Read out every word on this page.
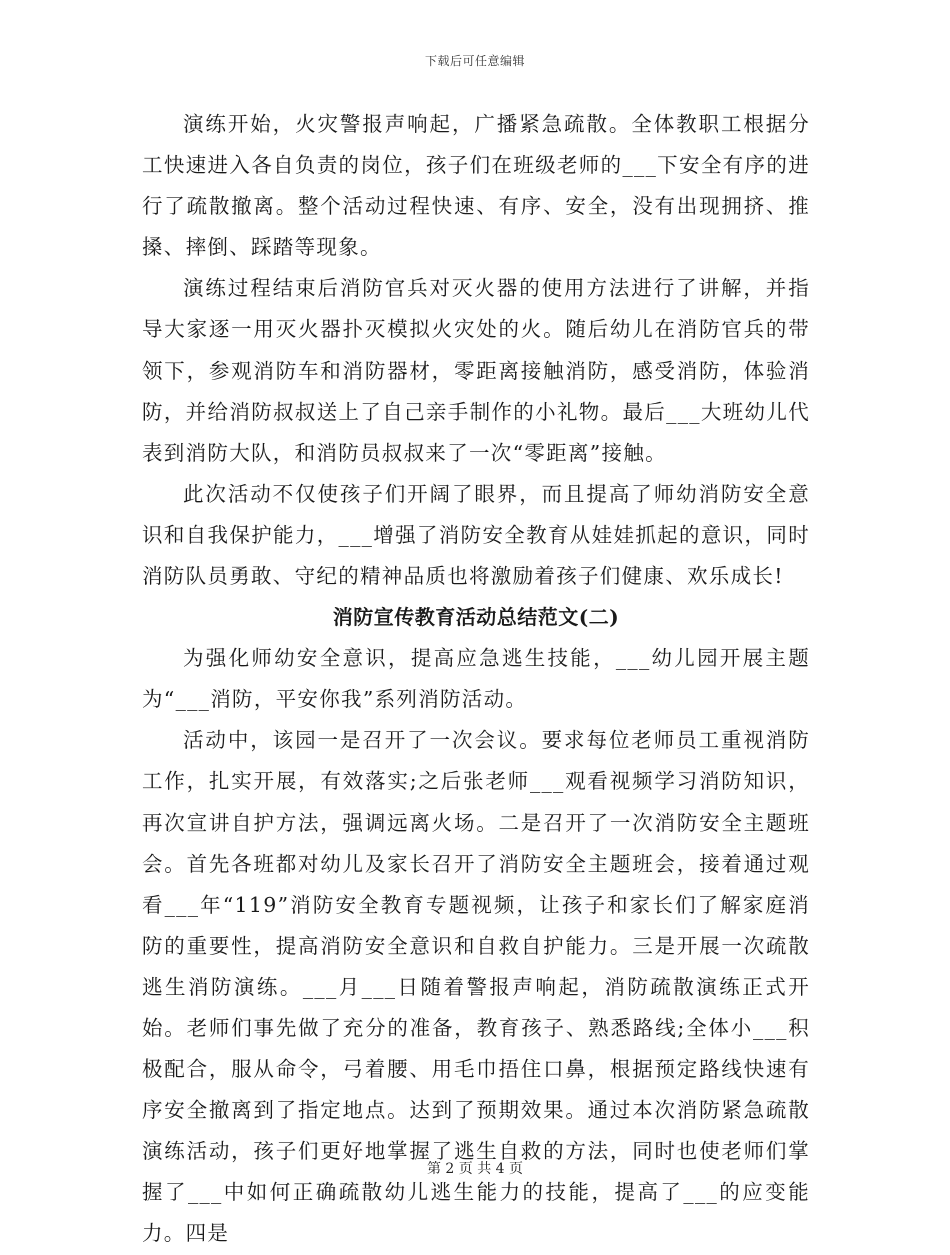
下载后可任意编辑

演练开始，火灾警报声响起，广播紧急疏散。全体教职工根据分工快速进入各自负责的岗位，孩子们在班级老师的___下安全有序的进行了疏散撤离。整个活动过程快速、有序、安全，没有出现拥挤、推搡、摔倒、踩踏等现象。

演练过程结束后消防官兵对灭火器的使用方法进行了讲解，并指导大家逐一用灭火器扑灭模拟火灾处的火。随后幼儿在消防官兵的带领下，参观消防车和消防器材，零距离接触消防，感受消防，体验消防，并给消防叔叔送上了自己亲手制作的小礼物。最后___大班幼儿代表到消防大队，和消防员叔叔来了一次“零距离”接触。

此次活动不仅使孩子们开阔了眼界，而且提高了师幼消防安全意识和自我保护能力，___增强了消防安全教育从娃娃抓起的意识，同时消防队员勇敢、守纪的精神品质也将激励着孩子们健康、欢乐成长!

消防宣传教育活动总结范文(二)

为强化师幼安全意识，提高应急逃生技能，___幼儿园开展主题为“___消防，平安你我”系列消防活动。

活动中，该园一是召开了一次会议。要求每位老师员工重视消防工作，扎实开展，有效落实;之后张老师___观看视频学习消防知识，再次宣讲自护方法，强调远离火场。二是召开了一次消防安全主题班会。首先各班都对幼儿及家长召开了消防安全主题班会，接着通过观看___年“119”消防安全教育专题视频，让孩子和家长们了解家庭消防的重要性，提高消防安全意识和自救自护能力。三是开展一次疏散逃生消防演练。___月___日随着警报声响起，消防疏散演练正式开始。老师们事先做了充分的准备，教育孩子、熟悉路线;全体小___积极配合，服从命令，弓着腰、用毛巾捂住口鼻，根据预定路线快速有序安全撤离到了指定地点。达到了预期效果。通过本次消防紧急疏散演练活动，孩子们更好地掌握了逃生自救的方法，同时也使老师们掌握了___中如何正确疏散幼儿逃生能力的技能，提高了___的应变能力。四是

第 2 页 共 4 页
